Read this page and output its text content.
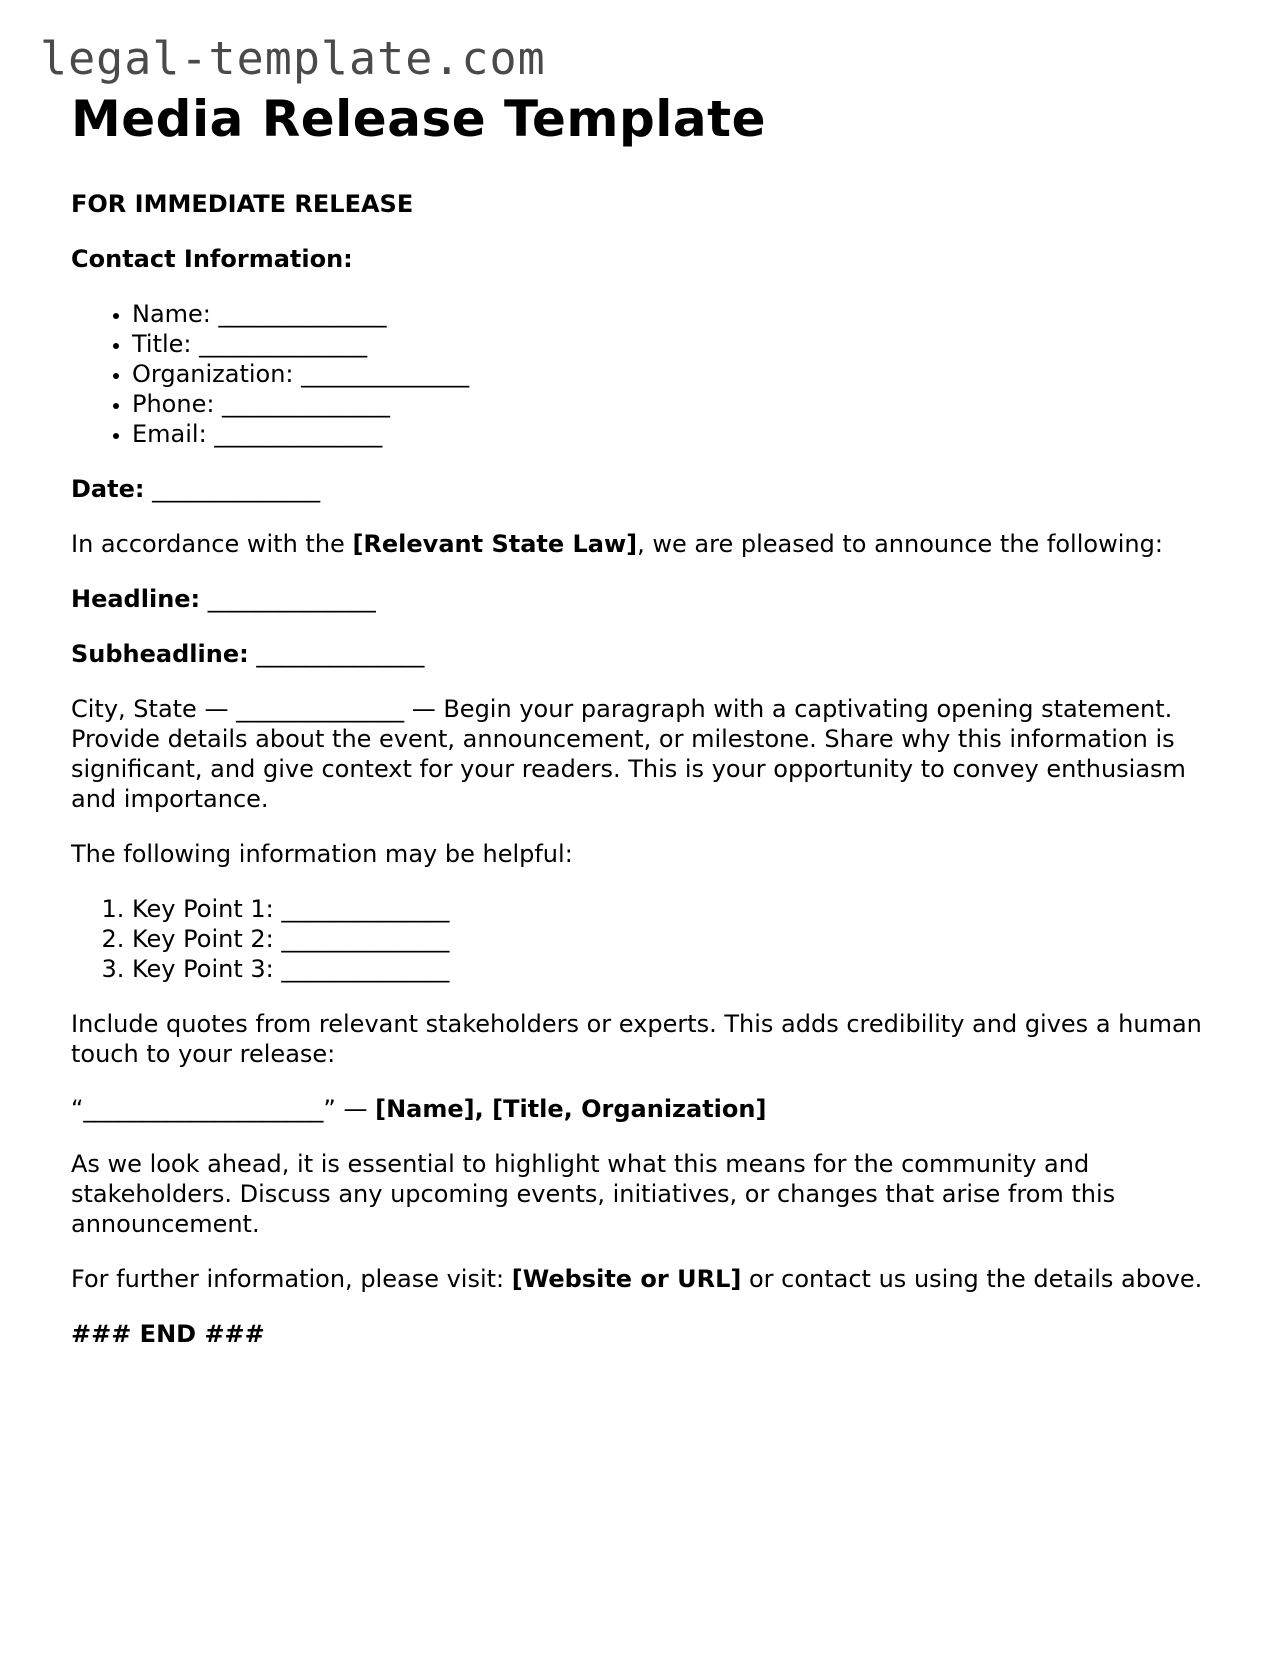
legal-template.com
Media Release Template

FOR IMMEDIATE RELEASE

Contact Information:

• Name: ______________
• Title: ______________
• Organization: ______________
• Phone: ______________
• Email: ______________

Date: ______________

In accordance with the [Relevant State Law], we are pleased to announce the following:

Headline: ______________

Subheadline: ______________

City, State — ______________ — Begin your paragraph with a captivating opening statement. Provide details about the event, announcement, or milestone. Share why this information is significant, and give context for your readers. This is your opportunity to convey enthusiasm and importance.

The following information may be helpful:

1. Key Point 1: ______________
2. Key Point 2: ______________
3. Key Point 3: ______________

Include quotes from relevant stakeholders or experts. This adds credibility and gives a human touch to your release:

“____________________” — [Name], [Title, Organization]

As we look ahead, it is essential to highlight what this means for the community and stakeholders. Discuss any upcoming events, initiatives, or changes that arise from this announcement.

For further information, please visit: [Website or URL] or contact us using the details above.

### END ###
